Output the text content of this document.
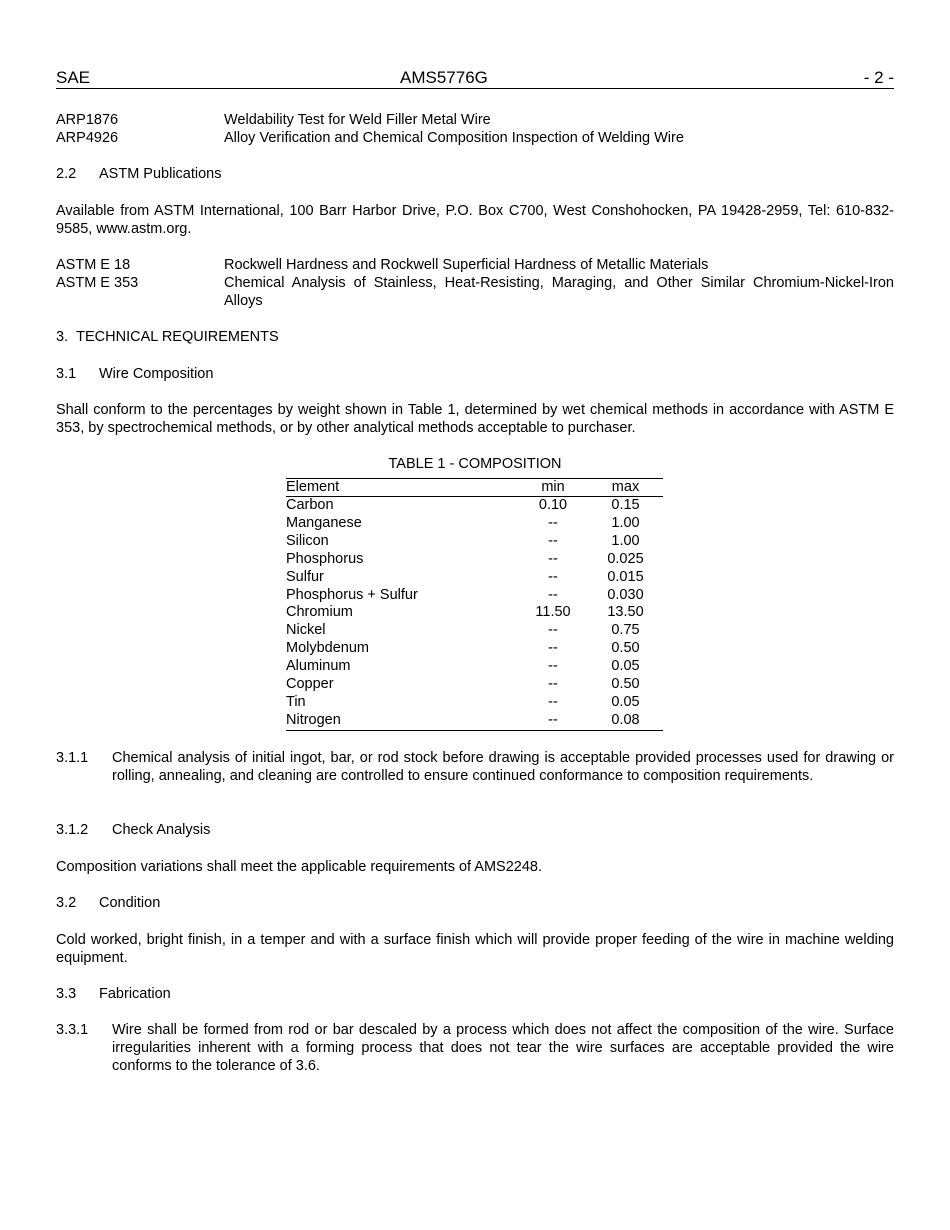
SAE	AMS5776G	- 2 -
ARP1876	Weldability Test for Weld Filler Metal Wire
ARP4926	Alloy Verification and Chemical Composition Inspection of Welding Wire
2.2 ASTM Publications
Available from ASTM International, 100 Barr Harbor Drive, P.O. Box C700, West Conshohocken, PA 19428-2959, Tel: 610-832-9585, www.astm.org.
ASTM E 18	Rockwell Hardness and Rockwell Superficial Hardness of Metallic Materials
ASTM E 353	Chemical Analysis of Stainless, Heat-Resisting, Maraging, and Other Similar Chromium-Nickel-Iron Alloys
3.  TECHNICAL REQUIREMENTS
3.1 Wire Composition
Shall conform to the percentages by weight shown in Table 1, determined by wet chemical methods in accordance with ASTM E 353, by spectrochemical methods, or by other analytical methods acceptable to purchaser.
TABLE 1 - COMPOSITION
Element	min	max
Carbon	0.10	0.15
Manganese	--	1.00
Silicon	--	1.00
Phosphorus	--	0.025
Sulfur	--	0.015
Phosphorus + Sulfur	--	0.030
Chromium	11.50	13.50
Nickel	--	0.75
Molybdenum	--	0.50
Aluminum	--	0.05
Copper	--	0.50
Tin	--	0.05
Nitrogen	--	0.08
3.1.1 Chemical analysis of initial ingot, bar, or rod stock before drawing is acceptable provided processes used for drawing or rolling, annealing, and cleaning are controlled to ensure continued conformance to composition requirements.
3.1.2 Check Analysis
Composition variations shall meet the applicable requirements of AMS2248.
3.2 Condition
Cold worked, bright finish, in a temper and with a surface finish which will provide proper feeding of the wire in machine welding equipment.
3.3 Fabrication
3.3.1 Wire shall be formed from rod or bar descaled by a process which does not affect the composition of the wire. Surface irregularities inherent with a forming process that does not tear the wire surfaces are acceptable provided the wire conforms to the tolerance of 3.6.
